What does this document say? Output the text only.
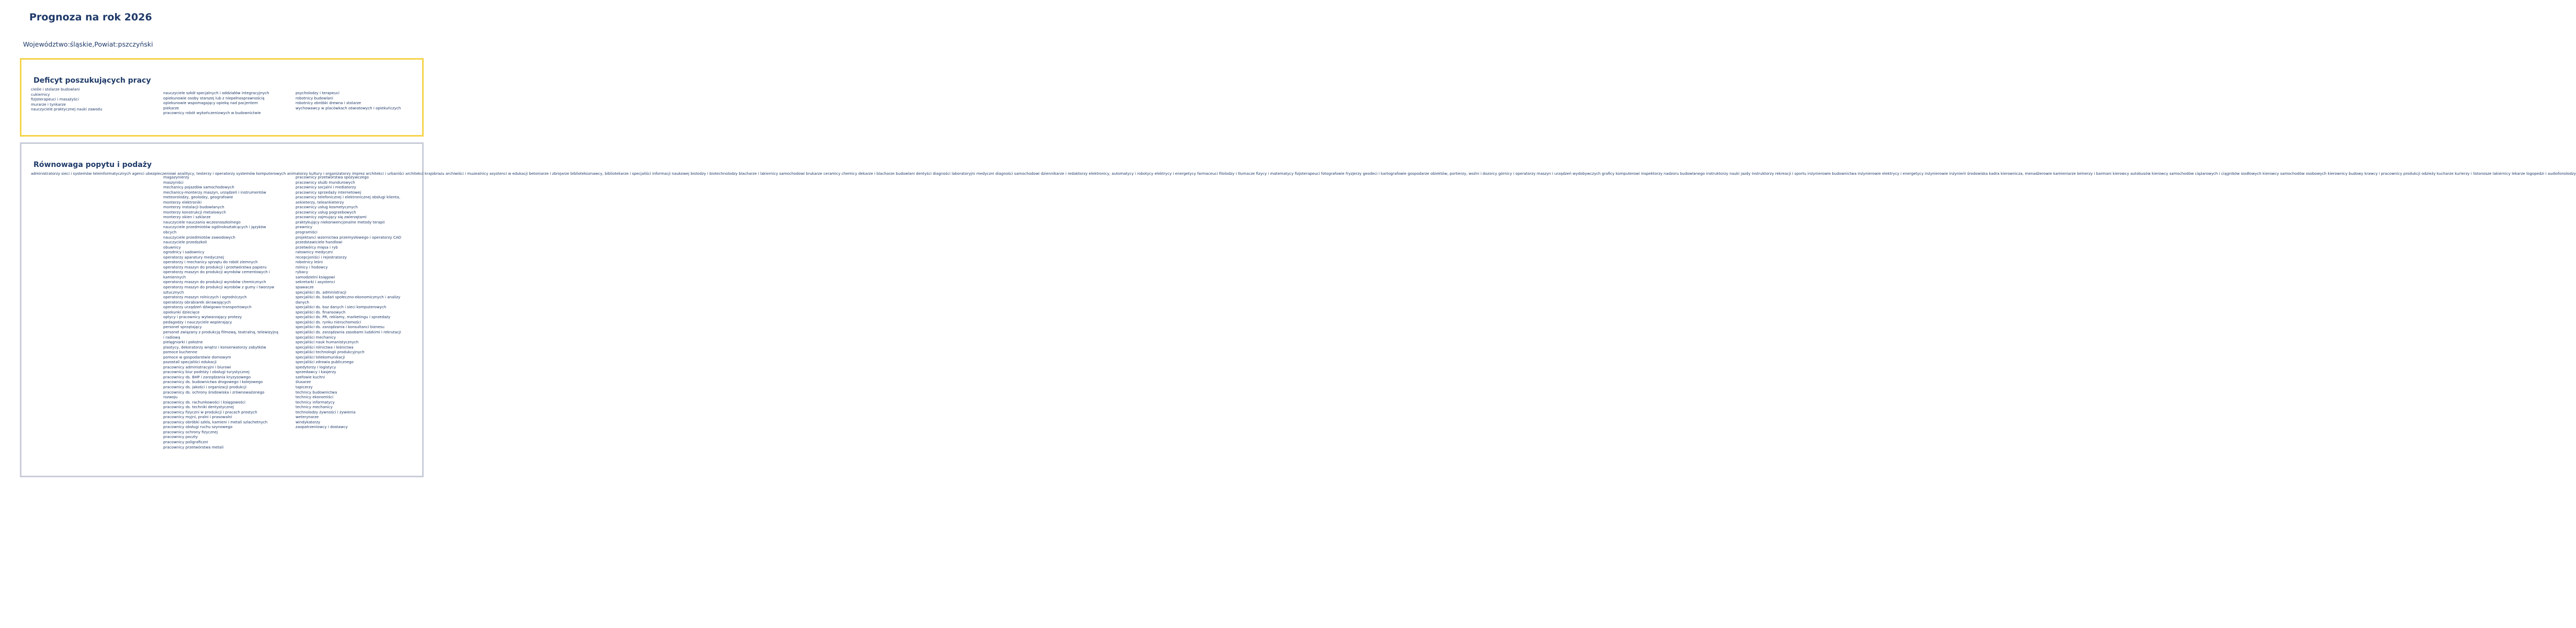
Prognoza na rok 2026

Województwo:śląskie,Powiat:pszczyński

Deficyt poszukujących pracy
cieśle i stolarze budowlani
cukiernicy
fizjoterapeuci i masażyści
murarze i tynkarze
nauczyciele praktycznej nauki zawodu
nauczyciele szkół specjalnych i oddziałów integracyjnych
opiekunowie osoby starszej lub z niepełnosprawnością
opiekunowie wspomagający opiekę nad pacjentem
piekarze
pracownicy robót wykończeniowych w budownictwie
psycholodzy i terapeuci
robotnicy budowlani
robotnicy obróbki drewna i stolarze
wychowawcy w placówkach oświatowych i opiekuńczych
Równowaga popytu i podaży
administratorzy sieci i systemów teleinformatycznych agenci ubezpieczeniowi analitycy, testerzy i operatorzy systemów komputerowych animatorzy kultury i organizatorzy imprez architekci i urbaniści architekci krajobrazu archiwiści i muzealnicy asystenci w edukacji betoniarze i zbrojarze bibliotekoznawcy, bibliotekarze i specjaliści informacji naukowej biolodzy i biotechnolodzy blacharze i lakiernicy samochodowi brukarze ceramicy chemicy dekarze i blacharze budowlani dentyści diagności laboratoryjni medyczni diagności samochodowi dziennikarze i redaktorzy elektronicy, automatycy i robotycy elektrycy i energetycy farmaceuci filolodzy i tłumacze fizycy i matematycy fizjoterapeuci fotografowie fryzjerzy geodeci i kartografowie gospodarze obiektów, portierzy, woźni i dozorcy górnicy i operatorzy maszyn i urządzeń wydobywczych graficy komputerowi inspektorzy nadzoru budowlanego instruktorzy nauki jazdy instruktorzy rekreacji i sportu inżynierowie budownictwa inżynierowie elektrycy i energetycy inżynierowie inżynierii środowiska kadra kierownicza, menadżerowie kamieniarze kelnerzy i barmani kierowcy autobusów kierowcy samochodów ciężarowych i ciągników siodłowych kierowcy samochodów osobowych kierownicy budowy krawcy i pracownicy produkcji odzieży kucharze kurierzy i listonosze lakiernicy lekarze logopedzi i audiofonolodzy
magazynierzy
maszyniści
mechanicy pojazdów samochodowych
mechanicy-monterzy maszyn, urządzeń i instrumentów
meteorolodzy, geolodzy, geografowie
monterzy elektroniki
monterzy instalacji budowlanych
monterzy konstrukcji metalowych
monterzy okien i szklarze
nauczyciele nauczania wczesnoszkolnego
nauczyciele przedmiotów ogólnokształcących i języków obcych
nauczyciele przedmiotów zawodowych
nauczyciele przedszkoli
obuwnicy
ogrodnicy i sadownicy
operatorzy aparatury medycznej
operatorzy i mechanicy sprzętu do robót ziemnych
operatorzy maszyn do produkcji i przetwórstwa papieru
operatorzy maszyn do produkcji wyrobów cementowych i kamiennych
operatorzy maszyn do produkcji wyrobów chemicznych
operatorzy maszyn do produkcji wyrobów z gumy i tworzyw sztucznych
operatorzy maszyn rolniczych i ogrodniczych
operatorzy obrabiarek skrawających
operatorzy urządzeń dźwigowo-transportowych
opiekunki dziecięce
optycy i pracownicy wytwarzający protezy
pedagodzy i nauczyciele wspierający
personel sprzątający
personel związany z produkcją filmową, teatralną, telewizyjną i radiową
pielęgniarki i położne
plastycy, dekoratorzy wnętrz i konserwatorzy zabytków
pomoce kuchenne
pomoce w gospodarstwie domowym
pozostali specjaliści edukacji
pracownicy administracyjni i biurowi
pracownicy biur podróży i obsługi turystycznej
pracownicy ds. BHP i zarządzania kryzysowego
pracownicy ds. budownictwa drogowego i kolejowego
pracownicy ds. jakości i organizacji produkcji
pracownicy ds. ochrony środowiska i zrównoważonego rozwoju
pracownicy ds. rachunkowości i księgowości
pracownicy ds. techniki dentystycznej
pracownicy fizyczni w produkcji i pracach prostych
pracownicy myjni, pralni i prasowalni
pracownicy obróbki szkła, kamieni i metali szlachetnych
pracownicy obsługi ruchu szynowego
pracownicy ochrony fizycznej
pracownicy poczty
pracownicy poligraficzni
pracownicy przetwórstwa metali
pracownicy przetwórstwa spożywczego
pracownicy służb mundurowych
pracownicy socjalni i mediatorzy
pracownicy sprzedaży internetowej
pracownicy telefonicznej i elektronicznej obsługi klienta, ankieterzy, teleankieterzy
pracownicy usług kosmetycznych
pracownicy usług pogrzebowych
pracownicy zajmujący się zwierzętami
praktykujący niekonwencjonalne metody terapii
prawnicy
programiści
projektanci wzornictwa przemysłowego i operatorzy CAD
przedstawiciele handlowi
przetwórcy mięsa i ryb
ratownicy medyczni
recepcjoniści i rejestratorzy
robotnicy leśni
rolnicy i hodowcy
rybacy
samodzielni księgowi
sekretarki i asystenci
spawacze
specjaliści ds. administracji
specjaliści ds. badań społeczno-ekonomicznych i analizy danych
specjaliści ds. baz danych i sieci komputerowych
specjaliści ds. finansowych
specjaliści ds. PR, reklamy, marketingu i sprzedaży
specjaliści ds. rynku nieruchomości
specjaliści ds. zarządzania i konsultanci biznesu
specjaliści ds. zarządzania zasobami ludzkimi i rekrutacji
specjaliści mechanicy
specjaliści nauk humanistycznych
specjaliści rolnictwa i leśnictwa
specjaliści technologii produkcyjnych
specjaliści telekomunikacji
specjaliści zdrowia publicznego
spedytorzy i logistycy
sprzedawcy i kasjerzy
szefowie kuchni
ślusarze
tapicerzy
technicy budownictwa
technicy ekonomiści
technicy informatycy
technicy mechanicy
technolodzy żywności i żywienia
weterynarze
windykatorzy
zaopatrzeniowcy i dostawcy
